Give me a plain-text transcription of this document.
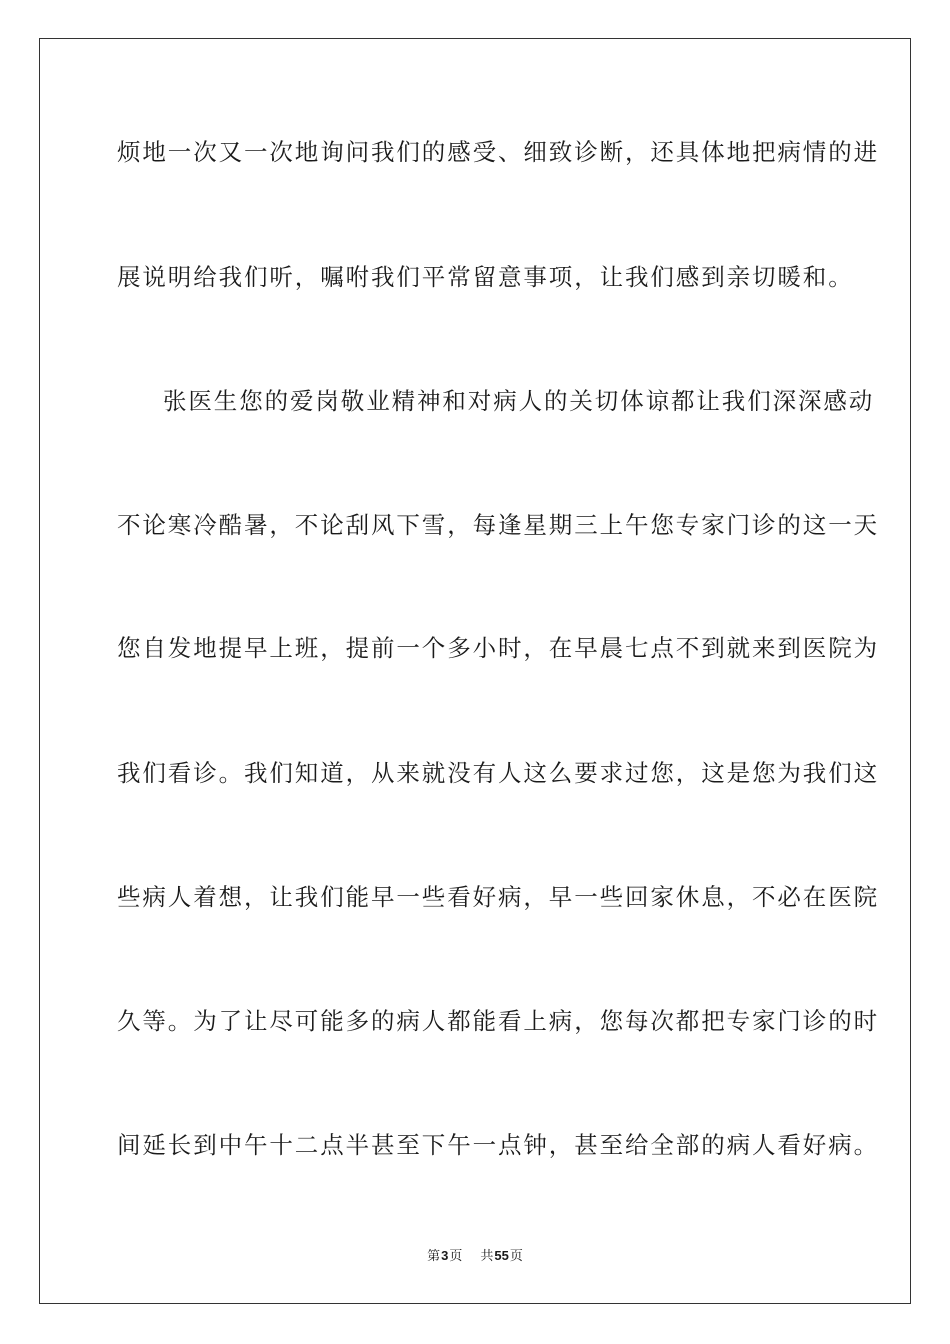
烦地一次又一次地询问我们的感受、细致诊断，还具体地把病情的进
展说明给我们听，嘱咐我们平常留意事项，让我们感到亲切暖和。
张医生您的爱岗敬业精神和对病人的关切体谅都让我们深深感动
不论寒冷酷暑，不论刮风下雪，每逢星期三上午您专家门诊的这一天
您自发地提早上班，提前一个多小时，在早晨七点不到就来到医院为
我们看诊。我们知道，从来就没有人这么要求过您，这是您为我们这
些病人着想，让我们能早一些看好病，早一些回家休息，不必在医院
久等。为了让尽可能多的病人都能看上病，您每次都把专家门诊的时
间延长到中午十二点半甚至下午一点钟，甚至给全部的病人看好病。
第3页 共55页
